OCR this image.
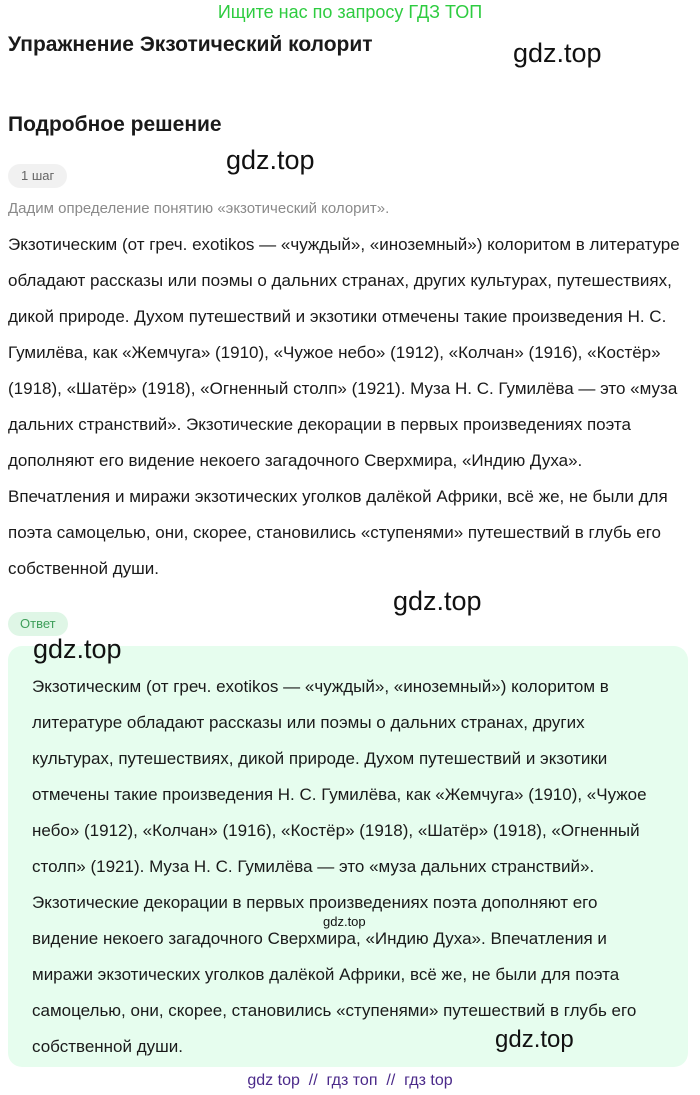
Ищите нас по запросу ГДЗ ТОП
Упражнение Экзотический колорит
Подробное решение
1 шаг
Дадим определение понятию «экзотический колорит».

Экзотическим (от греч. exotikos — «чуждый», «иноземный») колоритом в литературе обладают рассказы или поэмы о дальних странах, других культурах, путешествиях, дикой природе. Духом путешествий и экзотики отмечены такие произведения Н. С. Гумилёва, как «Жемчуга» (1910), «Чужое небо» (1912), «Колчан» (1916), «Костёр» (1918), «Шатёр» (1918), «Огненный столп» (1921). Муза Н. С. Гумилёва — это «муза дальних странствий». Экзотические декорации в первых произведениях поэта дополняют его видение некоего загадочного Сверхмира, «Индию Духа». Впечатления и миражи экзотических уголков далёкой Африки, всё же, не были для поэта самоцелью, они, скорее, становились «ступенями» путешествий в глубь его собственной души.

Ответ

Экзотическим (от греч. exotikos — «чуждый», «иноземный») колоритом в литературе обладают рассказы или поэмы о дальних странах, других культурах, путешествиях, дикой природе. Духом путешествий и экзотики отмечены такие произведения Н. С. Гумилёва, как «Жемчуга» (1910), «Чужое небо» (1912), «Колчан» (1916), «Костёр» (1918), «Шатёр» (1918), «Огненный столп» (1921). Муза Н. С. Гумилёва — это «муза дальних странствий». Экзотические декорации в первых произведениях поэта дополняют его видение некоего загадочного Сверхмира, «Индию Духа». Впечатления и миражи экзотических уголков далёкой Африки, всё же, не были для поэта самоцелью, они, скорее, становились «ступенями» путешествий в глубь его собственной души.

gdz.top
gdz.top
gdz.top
gdz.top
gdz.top
gdz.top
gdz top  //  гдз топ  //  гдз top
